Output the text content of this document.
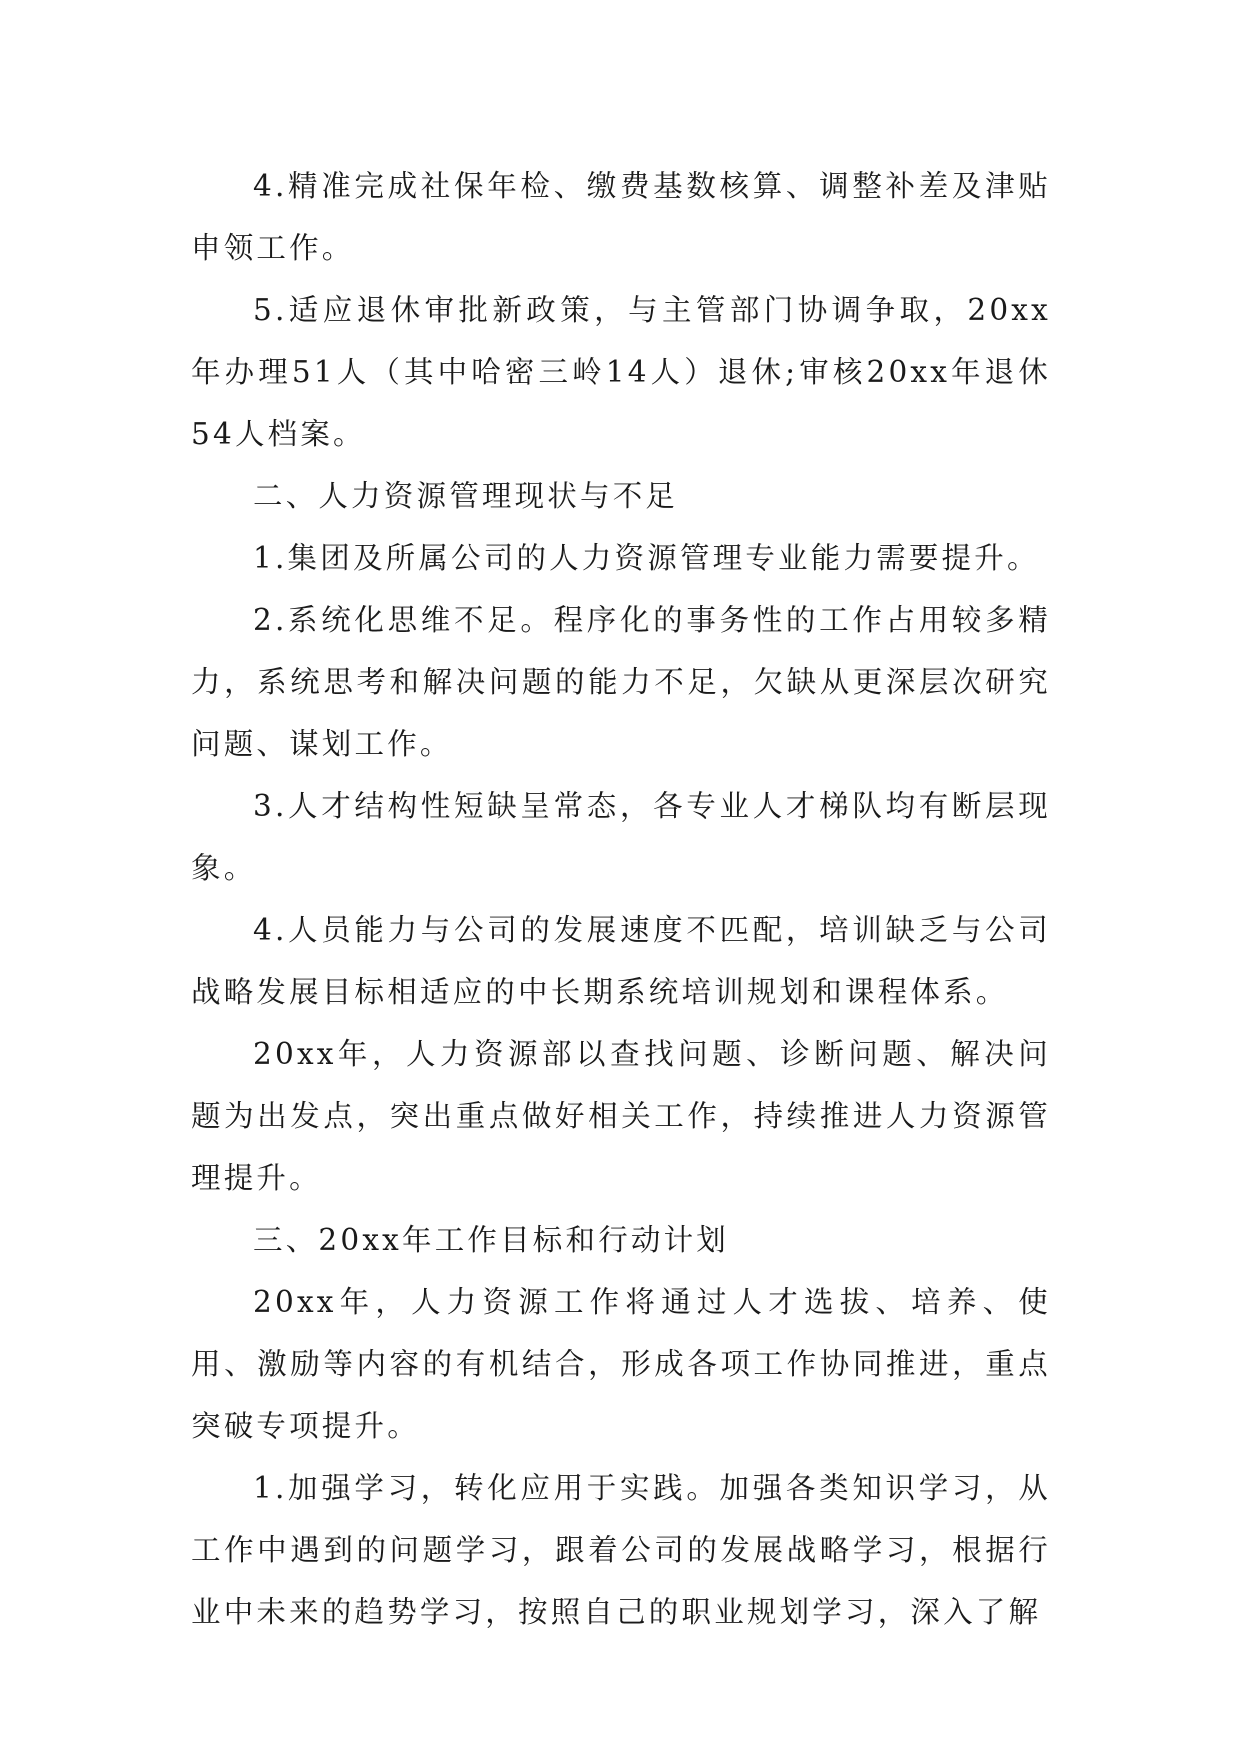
4.精准完成社保年检、缴费基数核算、调整补差及津贴申领工作。

5.适应退休审批新政策，与主管部门协调争取，20xx年办理51人（其中哈密三岭14人）退休;审核20xx年退休54人档案。

二、人力资源管理现状与不足

1.集团及所属公司的人力资源管理专业能力需要提升。

2.系统化思维不足。程序化的事务性的工作占用较多精力，系统思考和解决问题的能力不足，欠缺从更深层次研究问题、谋划工作。

3.人才结构性短缺呈常态，各专业人才梯队均有断层现象。

4.人员能力与公司的发展速度不匹配，培训缺乏与公司战略发展目标相适应的中长期系统培训规划和课程体系。

20xx年，人力资源部以查找问题、诊断问题、解决问题为出发点，突出重点做好相关工作，持续推进人力资源管理提升。

三、20xx年工作目标和行动计划

20xx年，人力资源工作将通过人才选拔、培养、使用、激励等内容的有机结合，形成各项工作协同推进，重点突破专项提升。

1.加强学习，转化应用于实践。加强各类知识学习，从工作中遇到的问题学习，跟着公司的发展战略学习，根据行业中未来的趋势学习，按照自己的职业规划学习，深入了解
